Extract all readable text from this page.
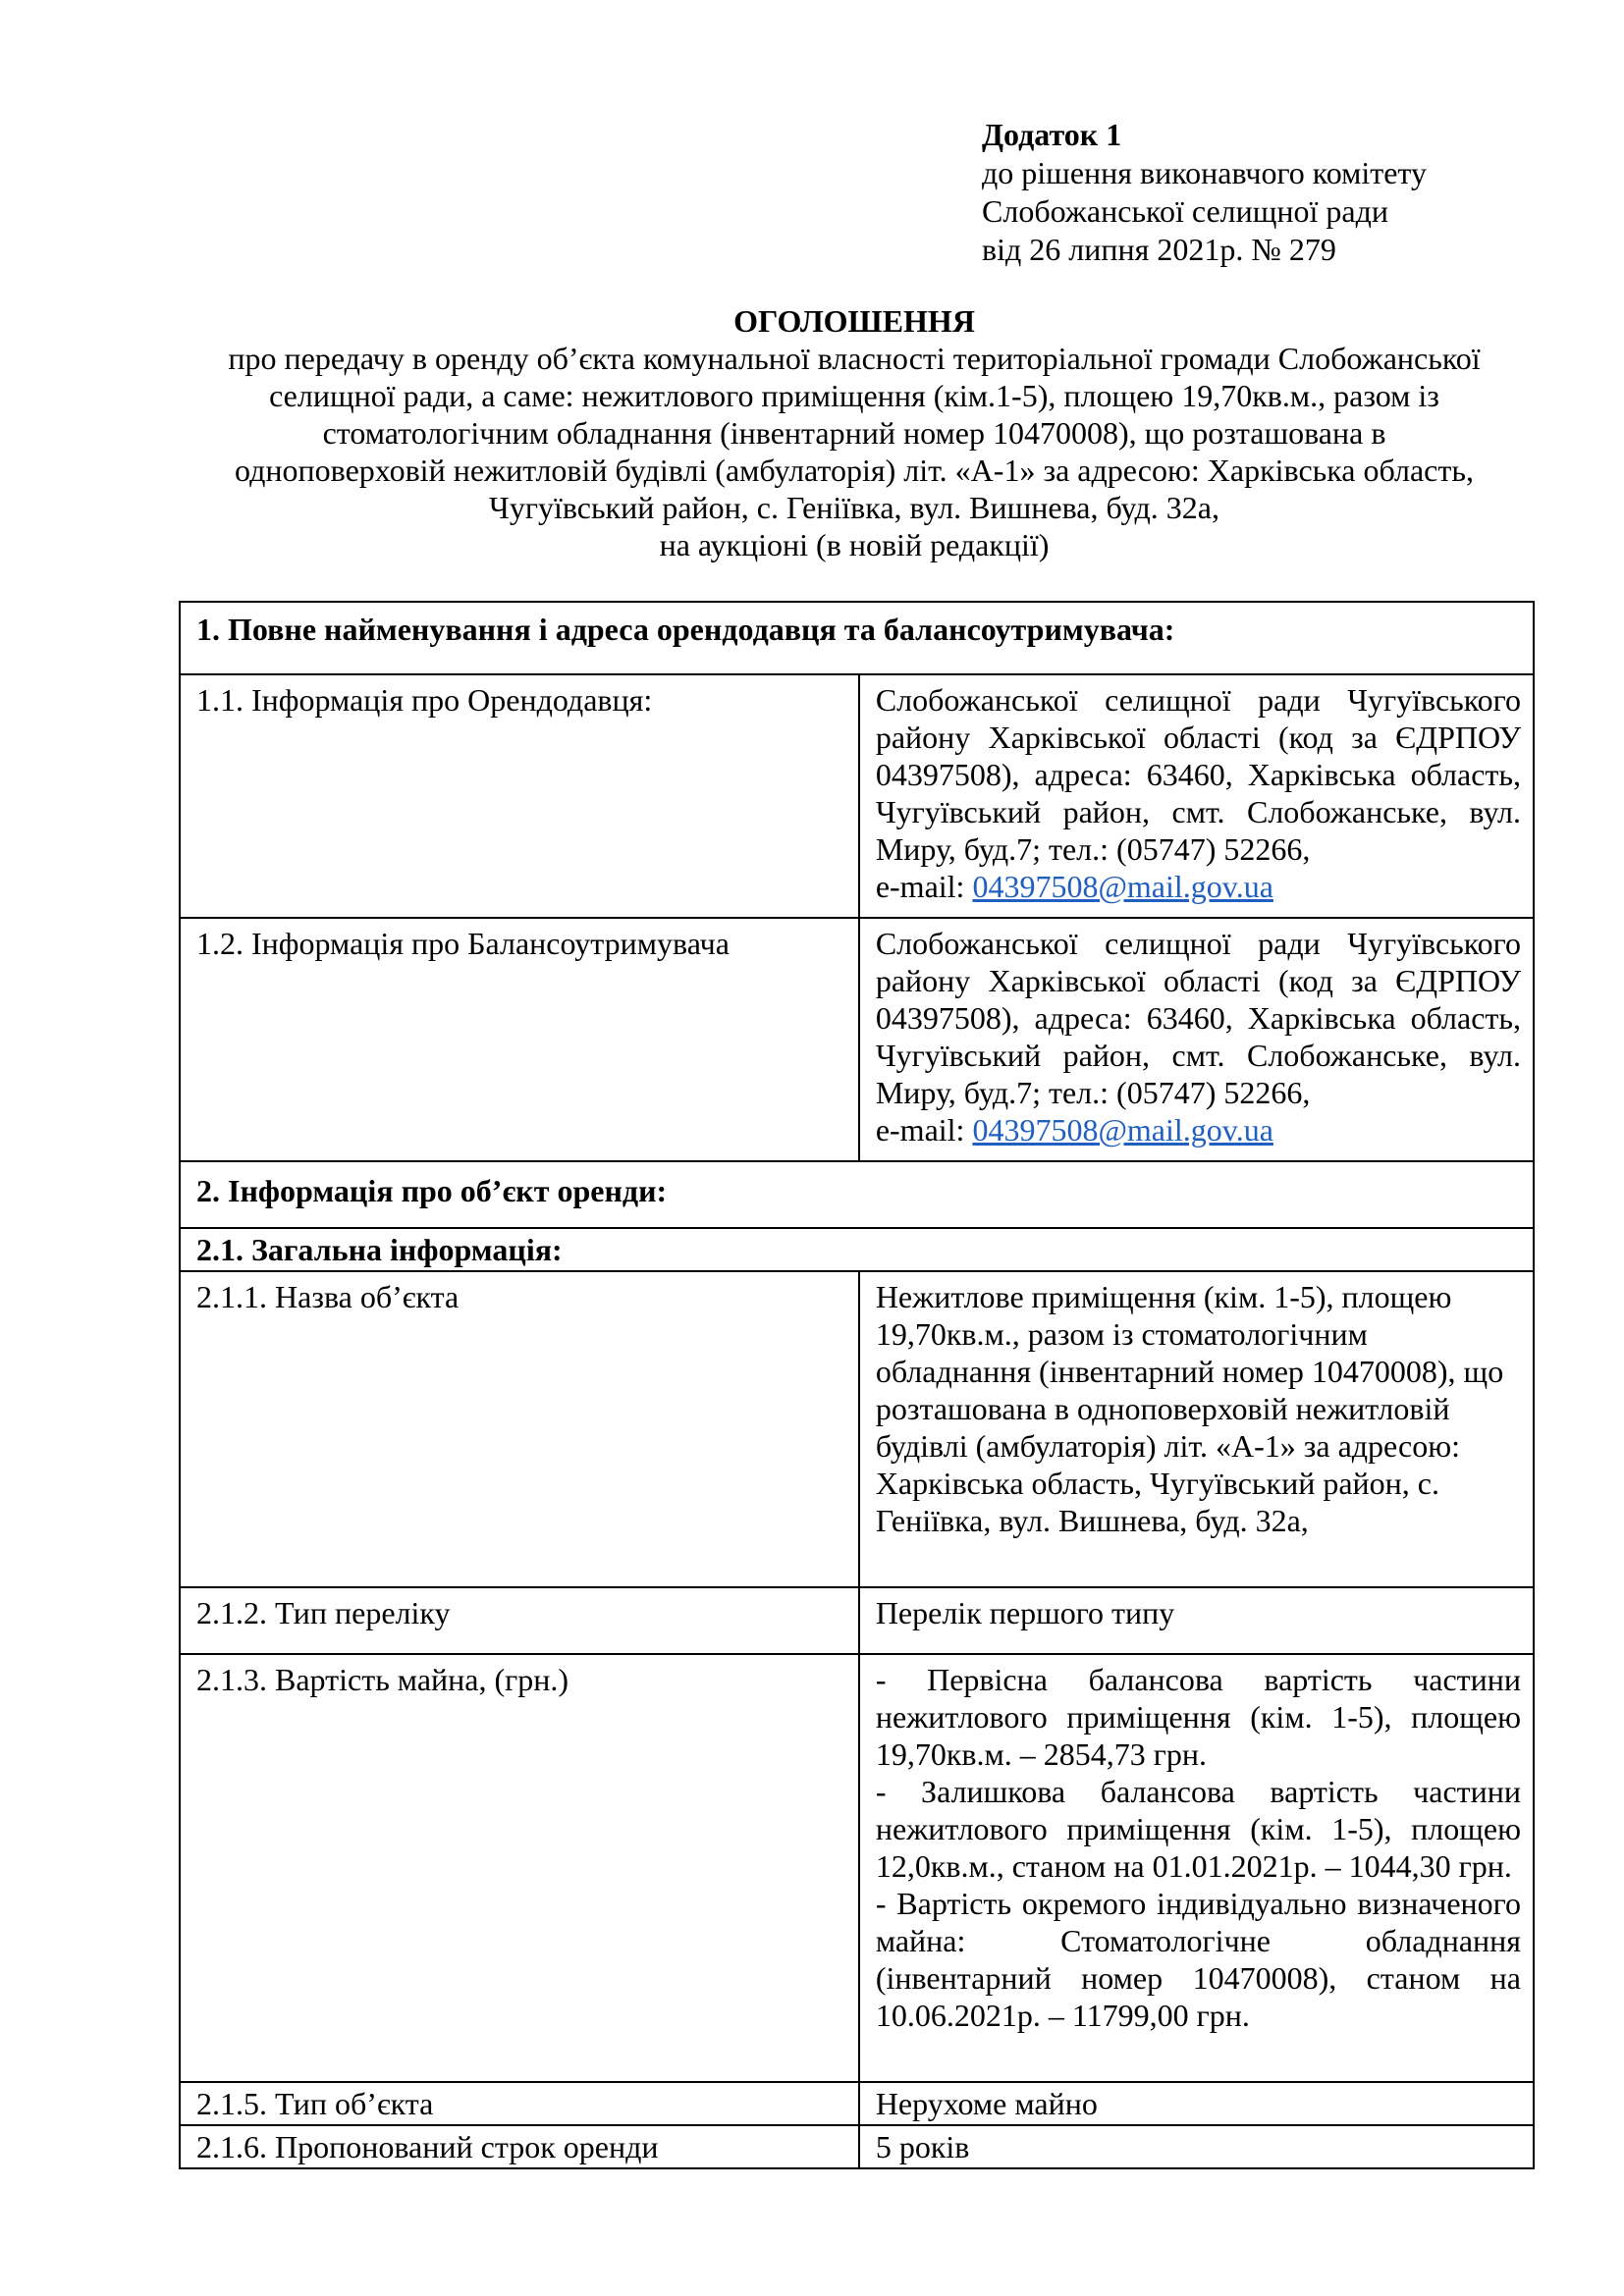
Додаток 1
до рішення виконавчого комітету
Слобожанської селищної ради
від 26 липня 2021р. № 279
ОГОЛОШЕННЯ
про передачу в оренду об’єкта комунальної власності територіальної громади Слобожанської
селищної ради, а саме: нежитлового приміщення (кім.1-5), площею 19,70кв.м., разом із
стоматологічним обладнання (інвентарний номер 10470008), що розташована в
одноповерховій нежитловій будівлі (амбулаторія) літ. «А-1» за адресою: Харківська область,
Чугуївський район, с. Геніївка, вул. Вишнева, буд. 32а,
на аукціоні (в новій редакції)
1. Повне найменування і адреса орендодавця та балансоутримувача:	
1.1. Інформація про Орендодавця:	Слобожанської селищної ради Чугуївського району Харківської області (код за ЄДРПОУ 04397508), адреса: 63460, Харківська область, Чугуївський район, смт. Слобожанське, вул. Миру, буд.7; тел.: (05747) 52266,
e-mail: 04397508@mail.gov.ua
1.2. Інформація про Балансоутримувача	Слобожанської селищної ради Чугуївського району Харківської області (код за ЄДРПОУ 04397508), адреса: 63460, Харківська область, Чугуївський район, смт. Слобожанське, вул. Миру, буд.7; тел.: (05747) 52266,
e-mail: 04397508@mail.gov.ua
2. Інформація про об’єкт оренди:	
2.1. Загальна інформація:	
2.1.1. Назва об’єкта	Нежитлове приміщення (кім. 1-5), площею 19,70кв.м., разом із стоматологічним обладнання (інвентарний номер 10470008), що розташована в одноповерховій нежитловій будівлі (амбулаторія) літ. «А-1» за адресою: Харківська область, Чугуївський район, с. Геніївка, вул. Вишнева, буд. 32а,
2.1.2. Тип переліку	Перелік першого типу
2.1.3. Вартість майна, (грн.)	- Первісна балансова вартість частини нежитлового приміщення (кім. 1-5), площею 19,70кв.м. – 2854,73 грн.
- Залишкова балансова вартість частини нежитлового приміщення (кім. 1-5), площею 12,0кв.м., станом на 01.01.2021р. – 1044,30 грн.
- Вартість окремого індивідуально визначеного майна: Стоматологічне обладнання (інвентарний номер 10470008), станом на 10.06.2021р. – 11799,00 грн.

2.1.5. Тип об’єкта	Нерухоме майно
2.1.6. Пропонований строк оренди	5 років
